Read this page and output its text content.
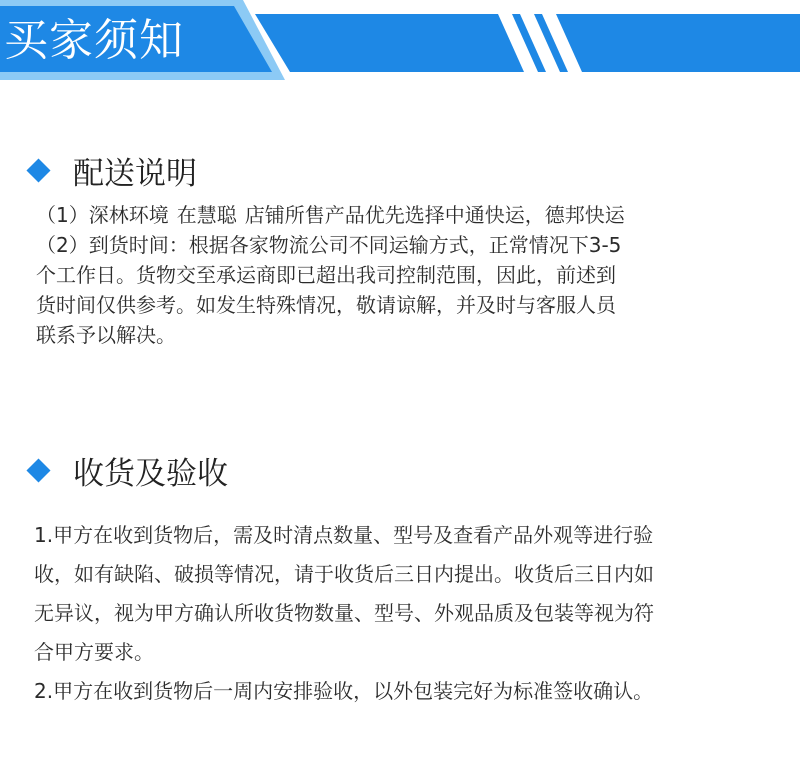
买家须知
配送说明
（1）深林环境 在慧聪 店铺所售产品优先选择中通快运，德邦快运
（2）到货时间：根据各家物流公司不同运输方式，正常情况下3-5
个工作日。货物交至承运商即已超出我司控制范围，因此，前述到
货时间仅供参考。如发生特殊情况，敬请谅解，并及时与客服人员
联系予以解决。
收货及验收
1.甲方在收到货物后，需及时清点数量、型号及查看产品外观等进行验
收，如有缺陷、破损等情况，请于收货后三日内提出。收货后三日内如
无异议，视为甲方确认所收货物数量、型号、外观品质及包装等视为符
合甲方要求。
2.甲方在收到货物后一周内安排验收，以外包装完好为标准签收确认。
